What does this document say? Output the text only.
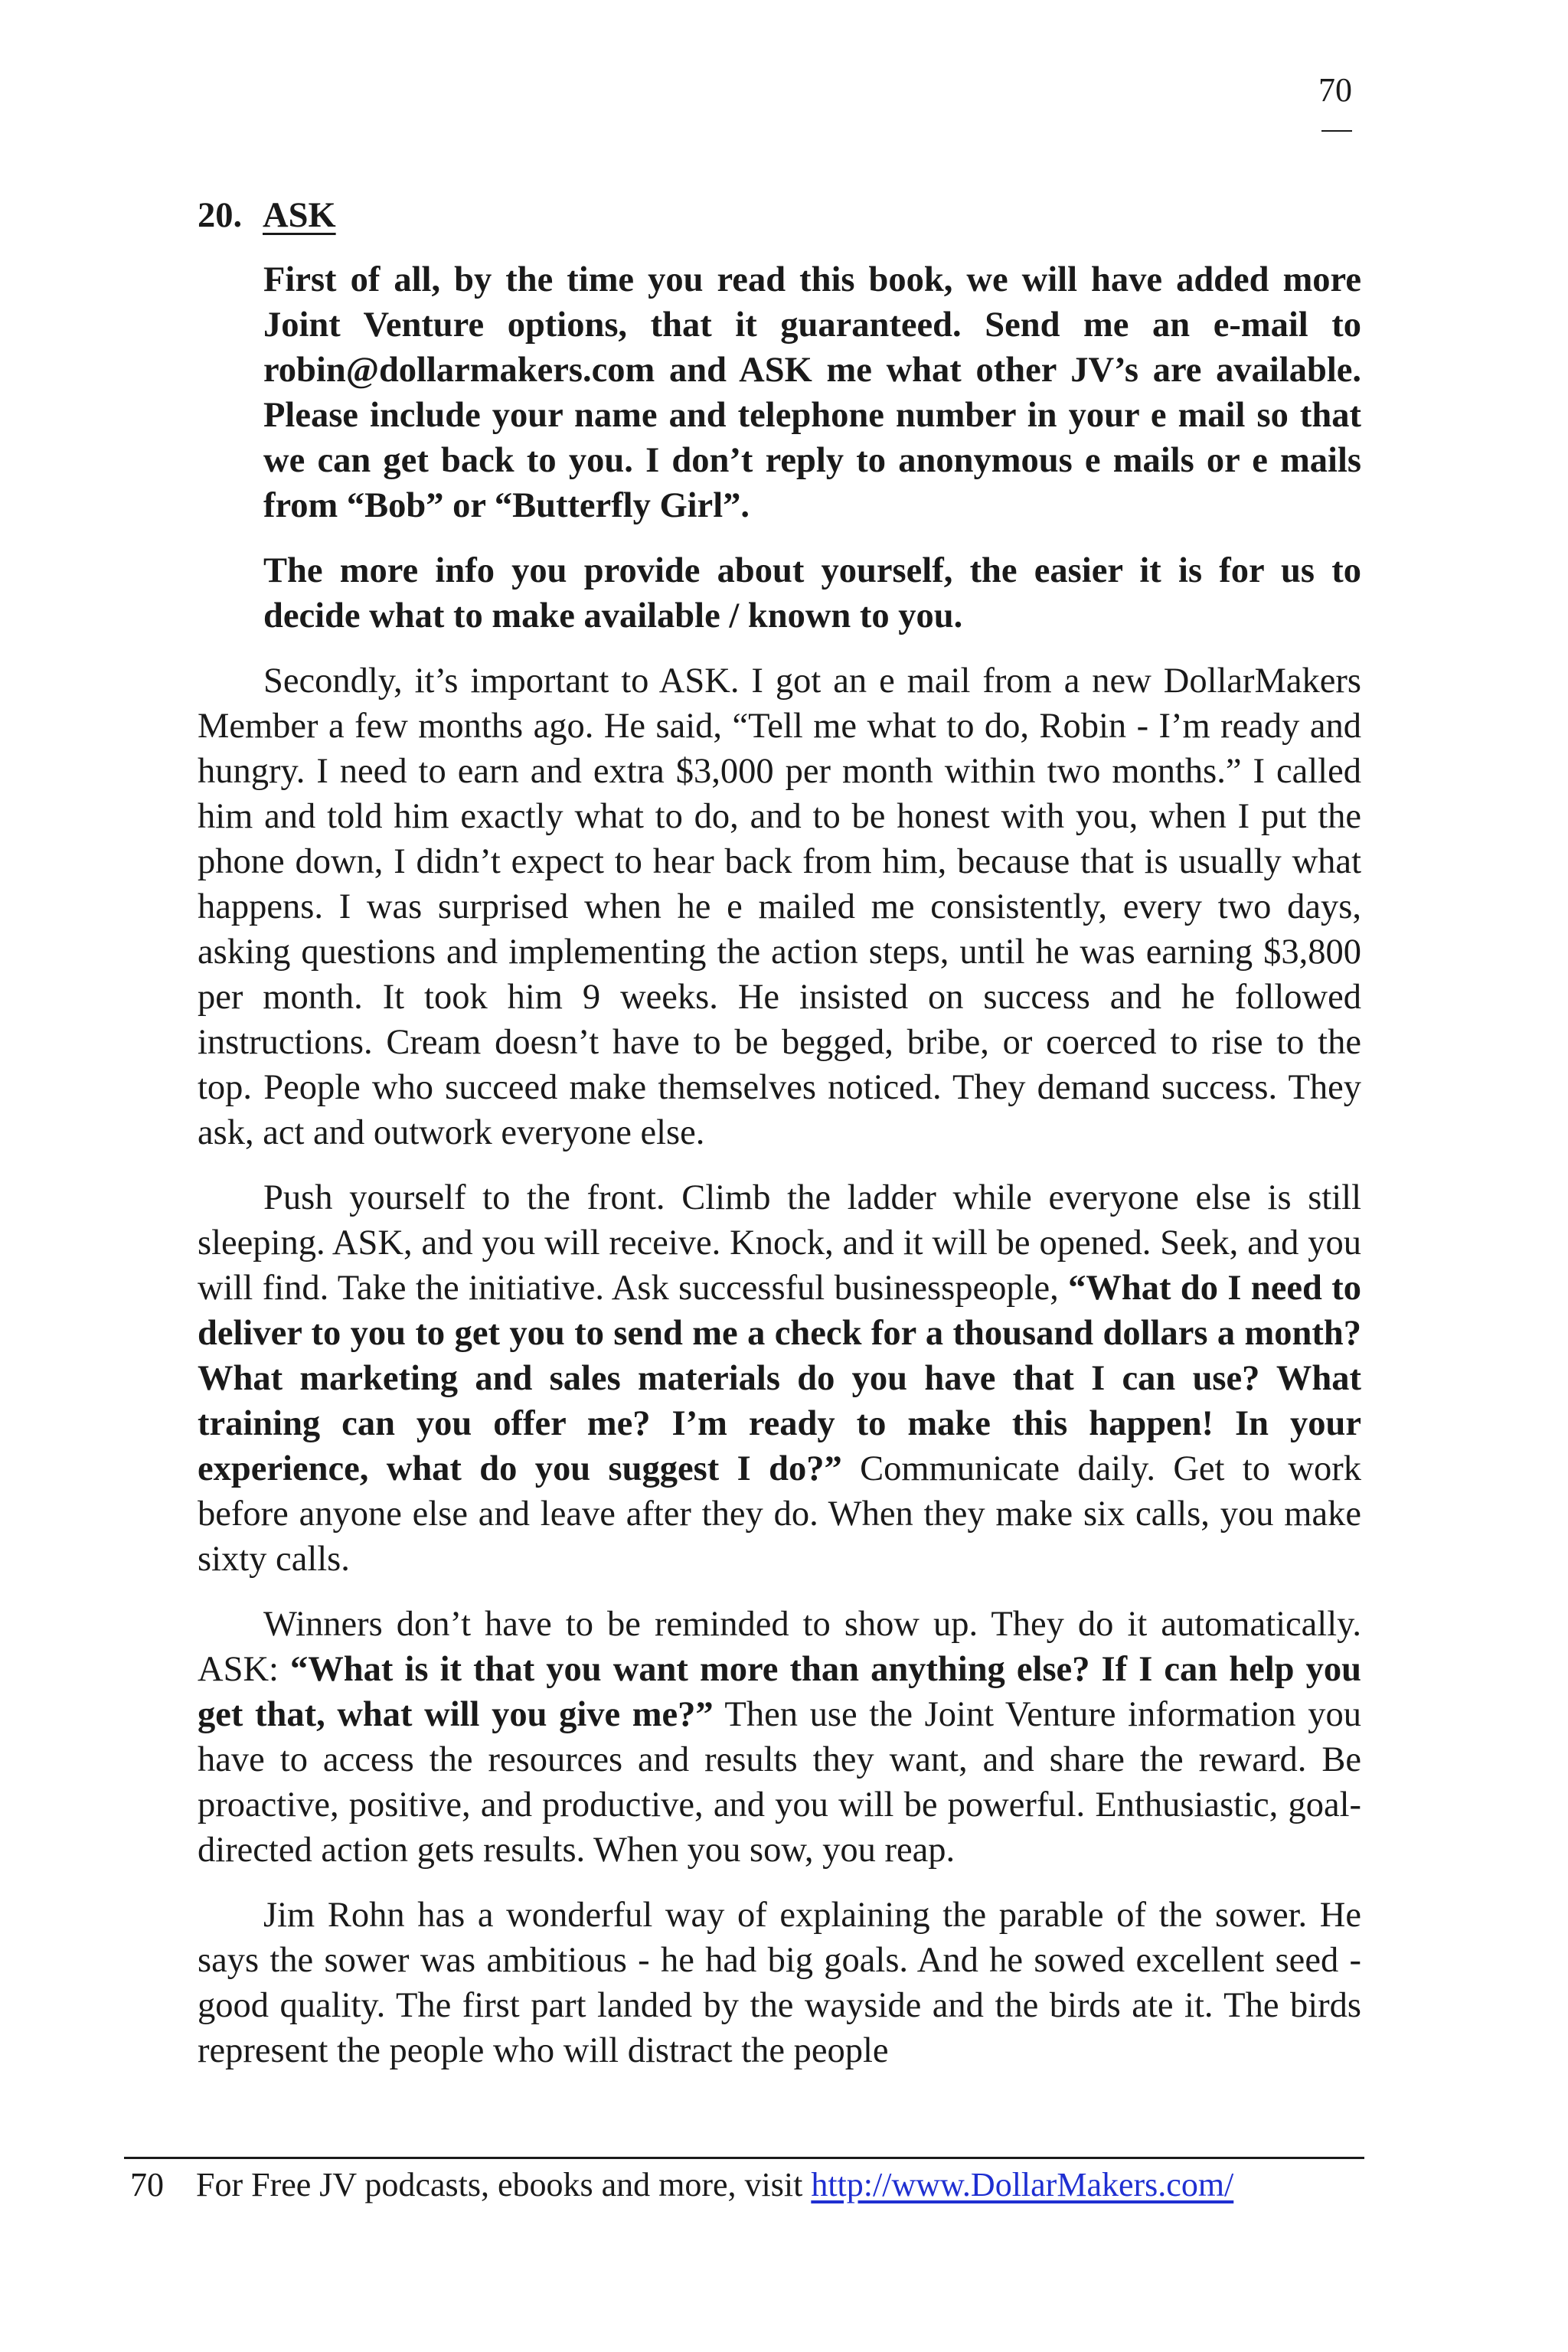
70
20. ASK

First of all, by the time you read this book, we will have added more Joint Venture options, that it guaranteed. Send me an e-mail to robin@dollarmakers.com and ASK me what other JV’s are available. Please include your name and telephone number in your e mail so that we can get back to you. I don’t reply to anonymous e mails or e mails from “Bob” or “Butterfly Girl”.

The more info you provide about yourself, the easier it is for us to decide what to make available / known to you.

Secondly, it’s important to ASK. I got an e mail from a new DollarMakers Member a few months ago. He said, “Tell me what to do, Robin - I’m ready and hungry. I need to earn and extra $3,000 per month within two months.” I called him and told him exactly what to do, and to be honest with you, when I put the phone down, I didn’t expect to hear back from him, because that is usually what happens. I was surprised when he e mailed me consistently, every two days, asking questions and implementing the action steps, until he was earning $3,800 per month. It took him 9 weeks. He insisted on success and he followed instructions. Cream doesn’t have to be begged, bribe, or coerced to rise to the top. People who succeed make themselves noticed. They demand success. They ask, act and outwork everyone else.

Push yourself to the front. Climb the ladder while everyone else is still sleeping. ASK, and you will receive. Knock, and it will be opened. Seek, and you will find. Take the initiative. Ask successful businesspeople, “What do I need to deliver to you to get you to send me a check for a thousand dollars a month? What marketing and sales materials do you have that I can use? What training can you offer me? I’m ready to make this happen! In your experience, what do you suggest I do?” Communicate daily. Get to work before anyone else and leave after they do. When they make six calls, you make sixty calls.

Winners don’t have to be reminded to show up. They do it automatically. ASK: “What is it that you want more than anything else? If I can help you get that, what will you give me?” Then use the Joint Venture information you have to access the resources and results they want, and share the reward. Be proactive, positive, and productive, and you will be powerful. Enthusiastic, goal-directed action gets results. When you sow, you reap.

Jim Rohn has a wonderful way of explaining the parable of the sower. He says the sower was ambitious - he had big goals. And he sowed excellent seed - good quality. The first part landed by the wayside and the birds ate it. The birds represent the people who will distract the people

70 For Free JV podcasts, ebooks and more, visit http://www.DollarMakers.com/
